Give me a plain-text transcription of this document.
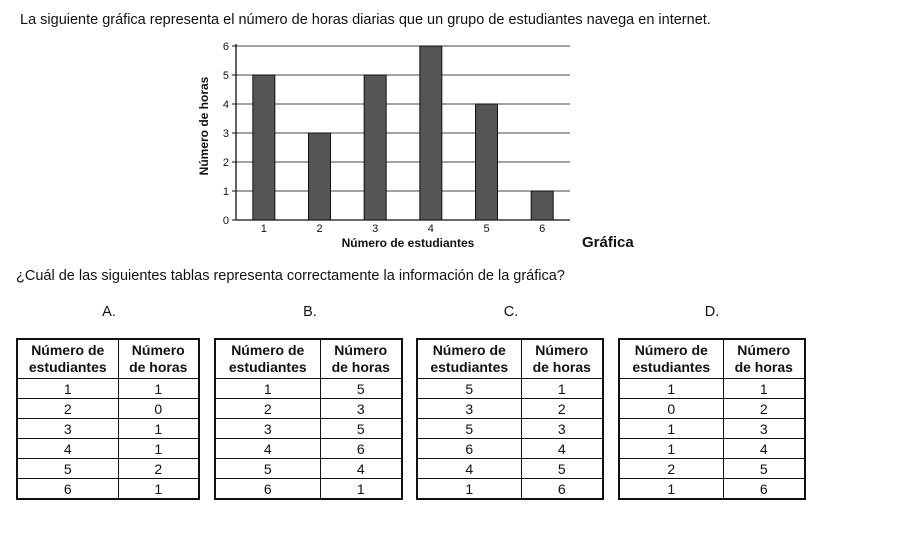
La siguiente gráfica representa el número de horas diarias que un grupo de estudiantes navega en internet.
0
1
2
3
4
5
6
1	2	3	4	5	6
Número de horas
Número de estudiantes	Gráfica
¿Cuál de las siguientes tablas representa correctamente la información de la gráfica?
A.	B.	C.	D.
Número de estudiantes	Número de horas
1	1
2	0
3	1
4	1
5	2
6	1
Número de estudiantes	Número de horas
1	5
2	3
3	5
4	6
5	4
6	1
Número de estudiantes	Número de horas
5	1
3	2
5	3
6	4
4	5
1	6
Número de estudiantes	Número de horas
1	1
0	2
1	3
1	4
2	5
1	6
